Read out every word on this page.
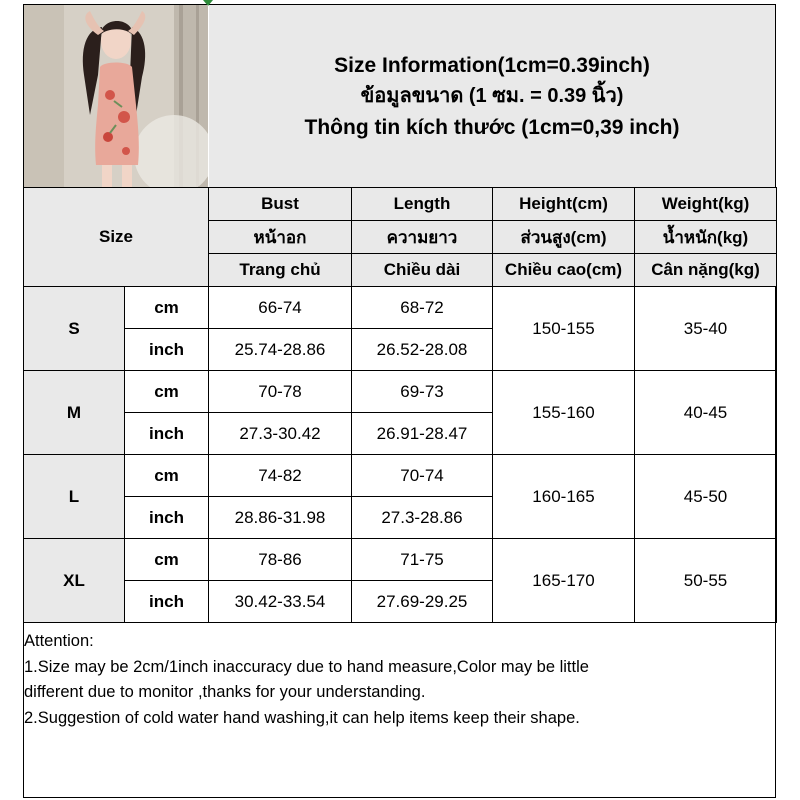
Size Information(1cm=0.39inch)
ข้อมูลขนาด (1 ซม. = 0.39 นิ้ว)
Thông tin kích thước (1cm=0,39 inch)
Size		Bust	Length	Height(cm)	Weight(kg)
		หน้าอก	ความยาว	ส่วนสูง(cm)	น้ำหนัก(kg)
		Trang chủ	Chiều dài	Chiều cao(cm)	Cân nặng(kg)
S	cm	66-74	68-72	150-155	35-40
	inch	25.74-28.86	26.52-28.08		
M	cm	70-78	69-73	155-160	40-45
	inch	27.3-30.42	26.91-28.47		
L	cm	74-82	70-74	160-165	45-50
	inch	28.86-31.98	27.3-28.86		
XL	cm	78-86	71-75	165-170	50-55
	inch	30.42-33.54	27.69-29.25		

Attention:

1.Size may be 2cm/1inch inaccuracy due to hand measure,Color may be little

different due to monitor ,thanks for your understanding.

2.Suggestion of cold water hand washing,it can help items keep their shape.
